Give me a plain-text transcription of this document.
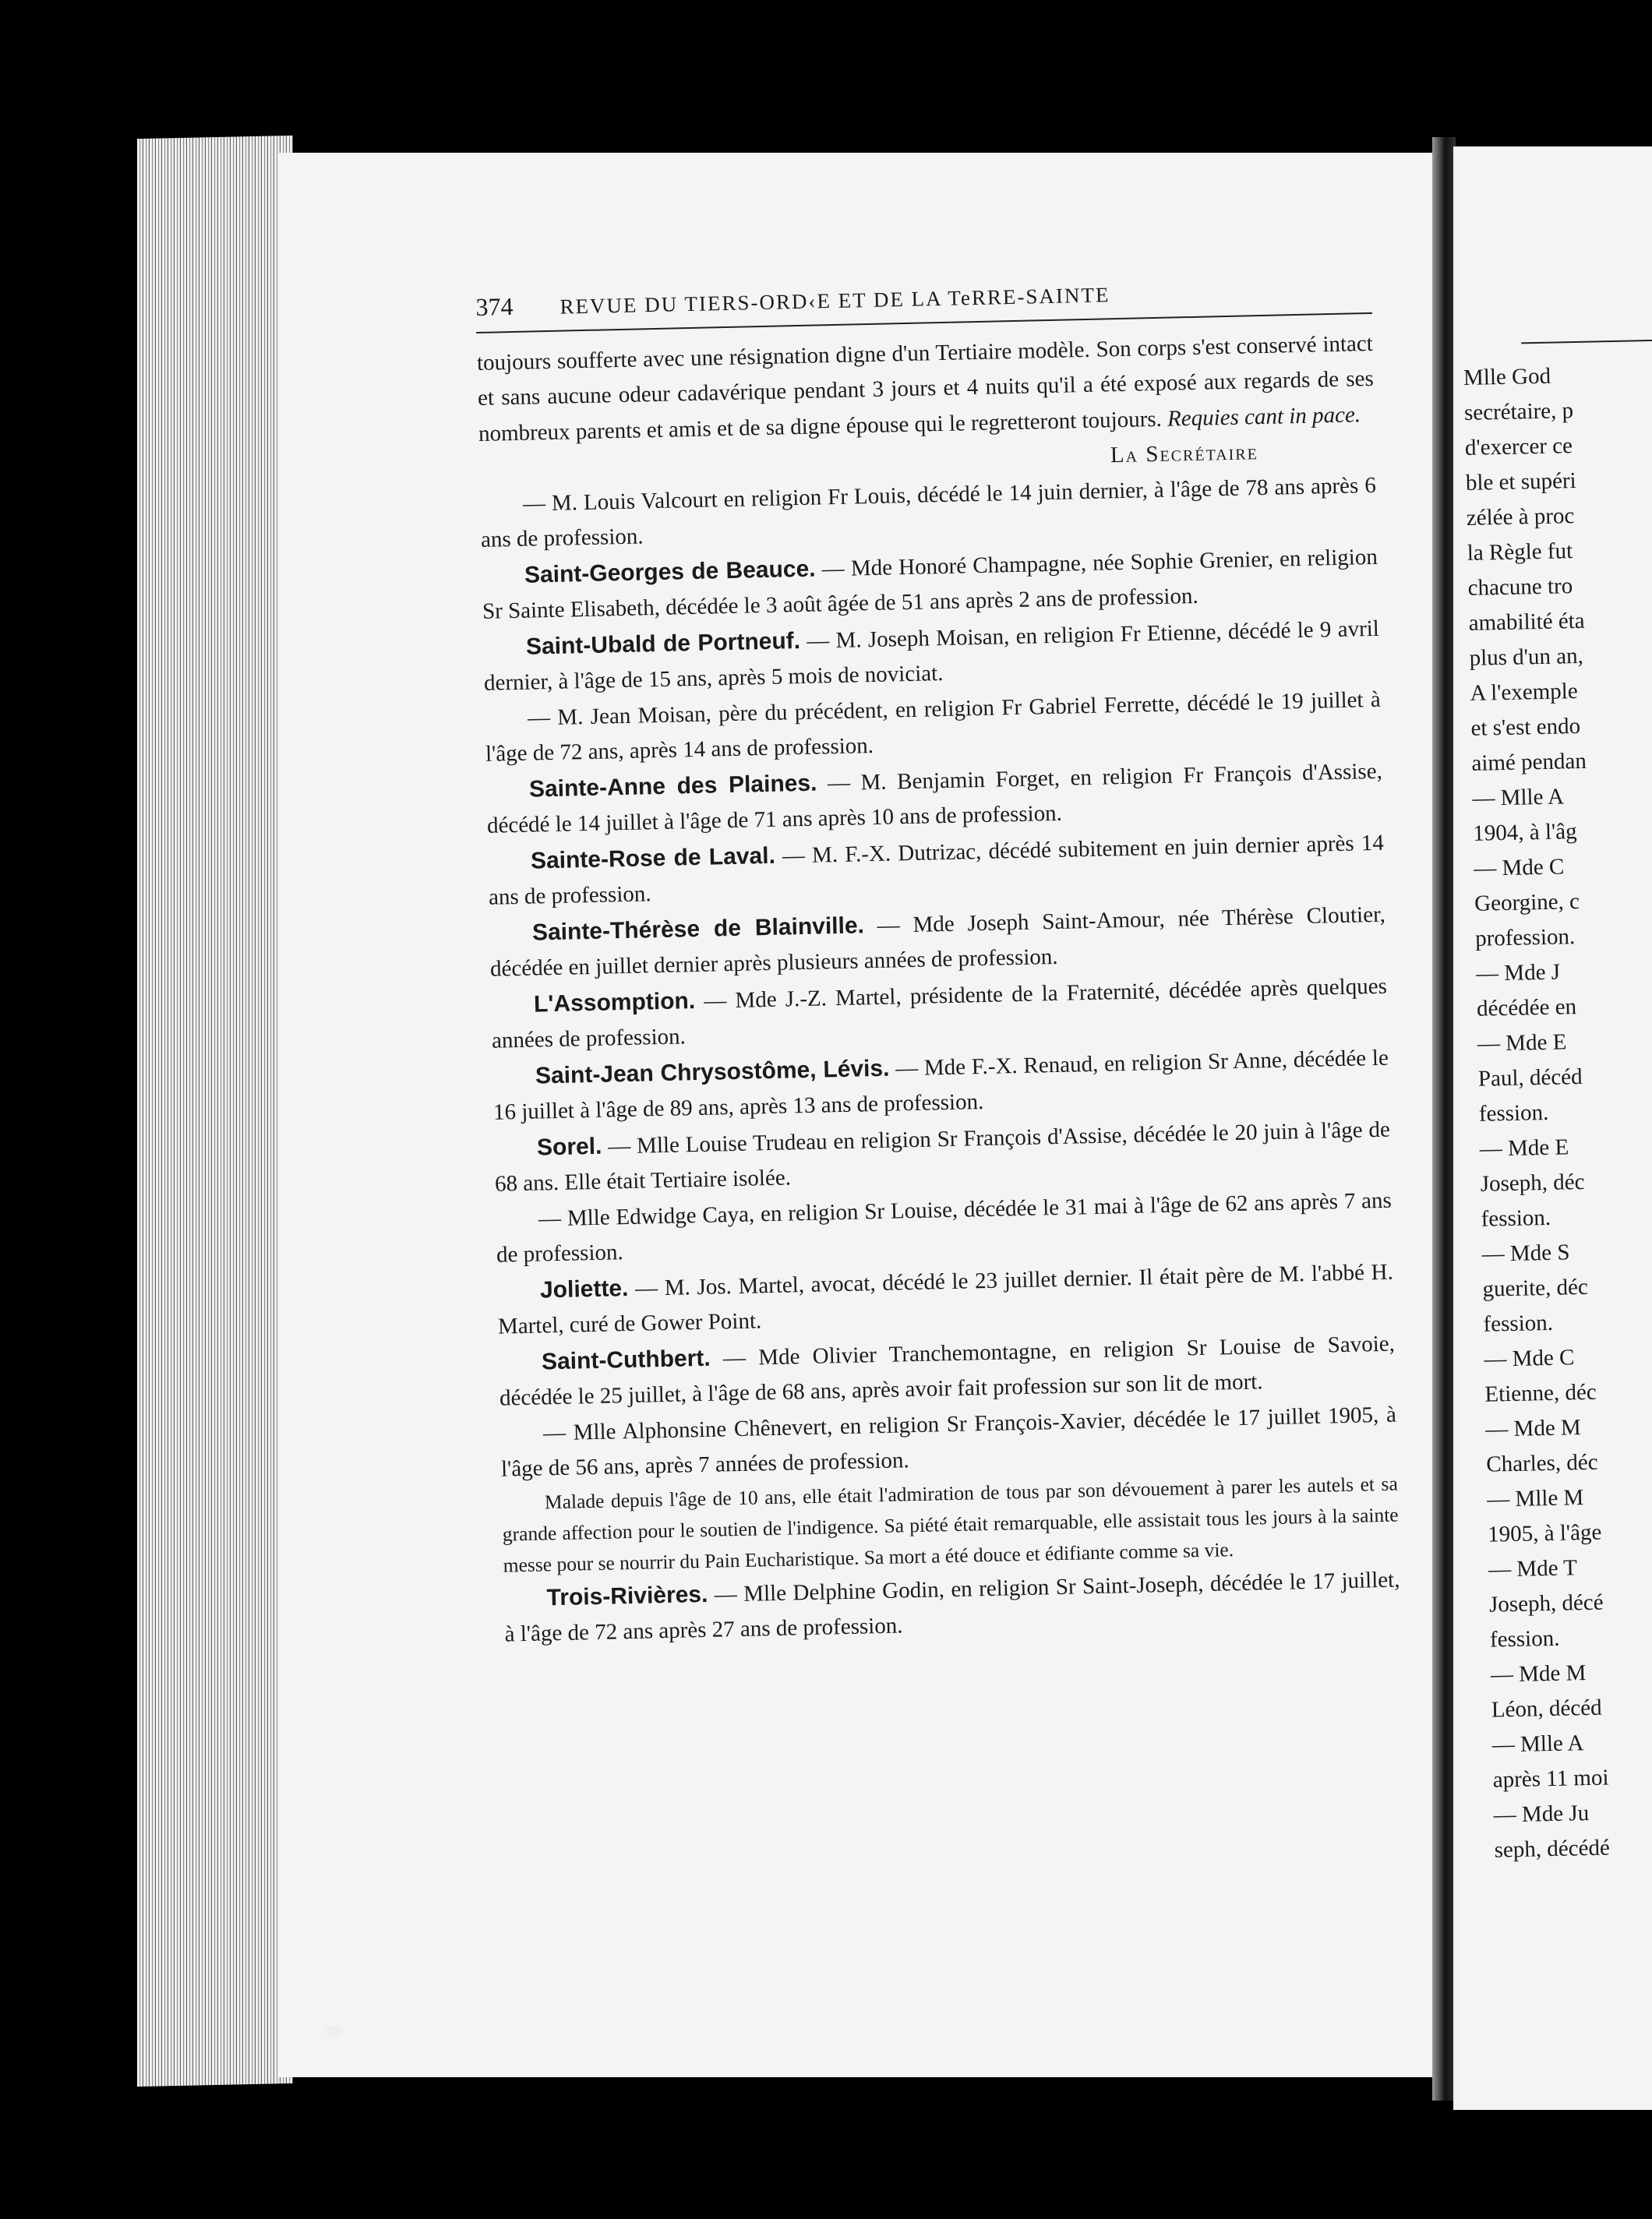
Mlle God
secrétaire, p
d'exercer ce
ble et supéri
zélée à proc
la Règle fut
chacune tro
amabilité éta
plus d'un an,
A l'exemple
et s'est endo
aimé pendan
— Mlle A
1904, à l'âg
— Mde C
Georgine, c
profession.
— Mde J
décédée en
— Mde E
Paul, décéd
fession.
— Mde E
Joseph, déc
fession.
— Mde S
guerite, déc
fession.
— Mde C
Etienne, déc
— Mde M
Charles, déc
— Mlle M
1905, à l'âge
— Mde T
Joseph, décé
fession.
— Mde M
Léon, décéd
— Mlle A
après 11 moi
— Mde Ju
seph, décédé
374 REVUE DU TIERS-ORD‹E ET DE LA TeRRE-SAINTE

toujours soufferte avec une résignation digne d'un Tertiaire modèle. Son corps s'est conservé intact et sans aucune odeur cadavérique pendant 3 jours et 4 nuits qu'il a été exposé aux regards de ses nombreux parents et amis et de sa digne épouse qui le regretteront toujours. Requies cant in pace.

La Secrétaire

— M. Louis Valcourt en religion Fr Louis, décédé le 14 juin dernier, à l'âge de 78 ans après 6 ans de profession.

Saint-Georges de Beauce. — Mde Honoré Champagne, née Sophie Grenier, en religion Sr Sainte Elisabeth, décédée le 3 août âgée de 51 ans après 2 ans de profession.

Saint-Ubald de Portneuf. — M. Joseph Moisan, en religion Fr Etienne, décédé le 9 avril dernier, à l'âge de 15 ans, après 5 mois de noviciat.

— M. Jean Moisan, père du précédent, en religion Fr Gabriel Ferrette, décédé le 19 juillet à l'âge de 72 ans, après 14 ans de profession.

Sainte-Anne des Plaines. — M. Benjamin Forget, en religion Fr François d'Assise, décédé le 14 juillet à l'âge de 71 ans après 10 ans de profession.

Sainte-Rose de Laval. — M. F.-X. Dutrizac, décédé subitement en juin dernier après 14 ans de profession.

Sainte-Thérèse de Blainville. — Mde Joseph Saint-Amour, née Thérèse Cloutier, décédée en juillet dernier après plusieurs années de profession.

L'Assomption. — Mde J.-Z. Martel, présidente de la Fraternité, décédée après quelques années de profession.

Saint-Jean Chrysostôme, Lévis. — Mde F.-X. Renaud, en religion Sr Anne, décédée le 16 juillet à l'âge de 89 ans, après 13 ans de profession.

Sorel. — Mlle Louise Trudeau en religion Sr François d'Assise, décédée le 20 juin à l'âge de 68 ans. Elle était Tertiaire isolée.

— Mlle Edwidge Caya, en religion Sr Louise, décédée le 31 mai à l'âge de 62 ans après 7 ans de profession.

Joliette. — M. Jos. Martel, avocat, décédé le 23 juillet dernier. Il était père de M. l'abbé H. Martel, curé de Gower Point.

Saint-Cuthbert. — Mde Olivier Tranchemontagne, en religion Sr Louise de Savoie, décédée le 25 juillet, à l'âge de 68 ans, après avoir fait profession sur son lit de mort.

— Mlle Alphonsine Chênevert, en religion Sr François-Xavier, décédée le 17 juillet 1905, à l'âge de 56 ans, après 7 années de profession.

Malade depuis l'âge de 10 ans, elle était l'admiration de tous par son dévouement à parer les autels et sa grande affection pour le soutien de l'indigence. Sa piété était remarquable, elle assistait tous les jours à la sainte messe pour se nourrir du Pain Eucharistique. Sa mort a été douce et édifiante comme sa vie.

Trois-Rivières. — Mlle Delphine Godin, en religion Sr Saint-Joseph, décédée le 17 juillet, à l'âge de 72 ans après 27 ans de profession.
